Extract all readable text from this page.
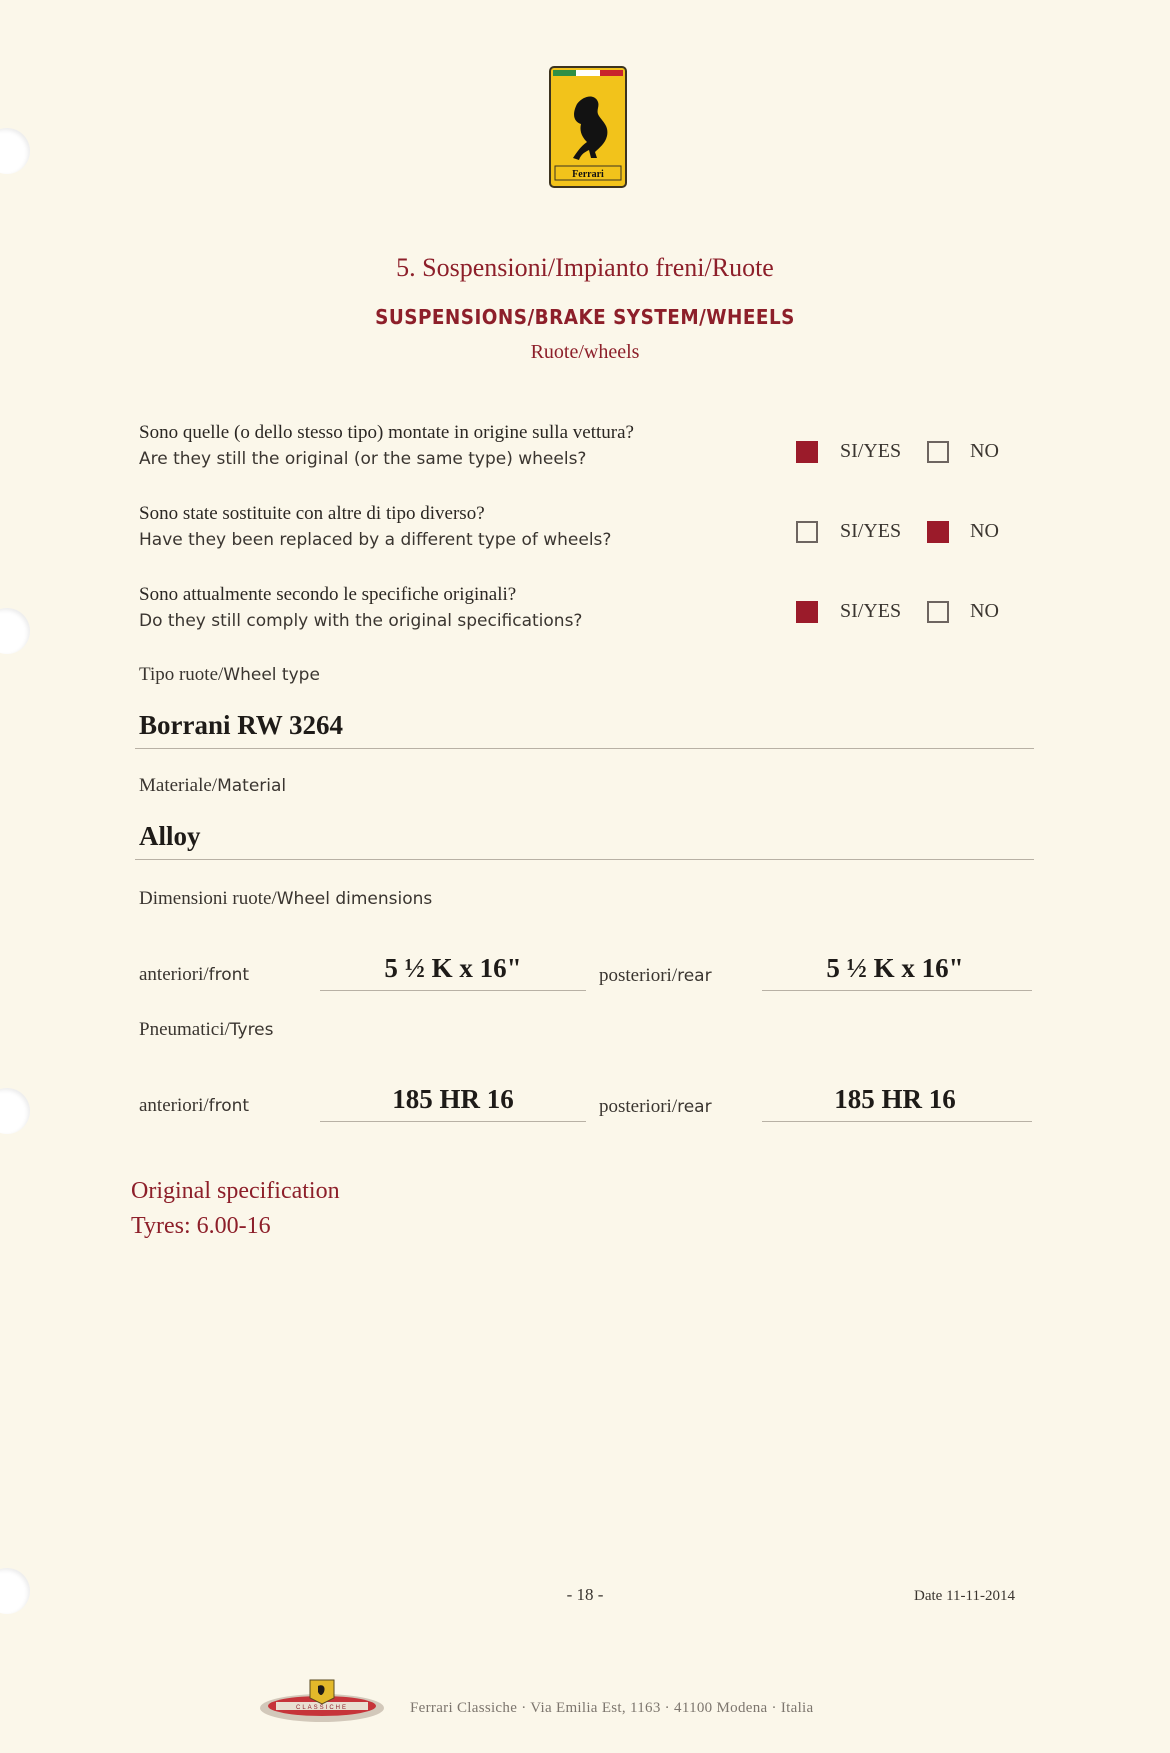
Ferrari
5. Sospensioni/Impianto freni/Ruote
SUSPENSIONS/BRAKE SYSTEM/WHEELS
Ruote/wheels
Sono quelle (o dello stesso tipo) montate in origine sulla vettura?
Are they still the original (or the same type) wheels?	SI/YES	NO
Sono state sostituite con altre di tipo diverso?
Have they been replaced by a different type of wheels?	SI/YES	NO
Sono attualmente secondo le specifiche originali?
Do they still comply with the original specifications?	SI/YES	NO
Tipo ruote/Wheel type
Borrani RW 3264
Materiale/Material
Alloy
Dimensioni ruote/Wheel dimensions
anteriori/front	5 ½ K x 16"	posteriori/rear	5 ½ K x 16"
Pneumatici/Tyres
anteriori/front	185 HR 16	posteriori/rear	185 HR 16
Original specification
Tyres: 6.00-16
- 18 -	Date 11-11-2014
CLASSICHE	Ferrari Classiche · Via Emilia Est, 1163 · 41100 Modena · Italia
